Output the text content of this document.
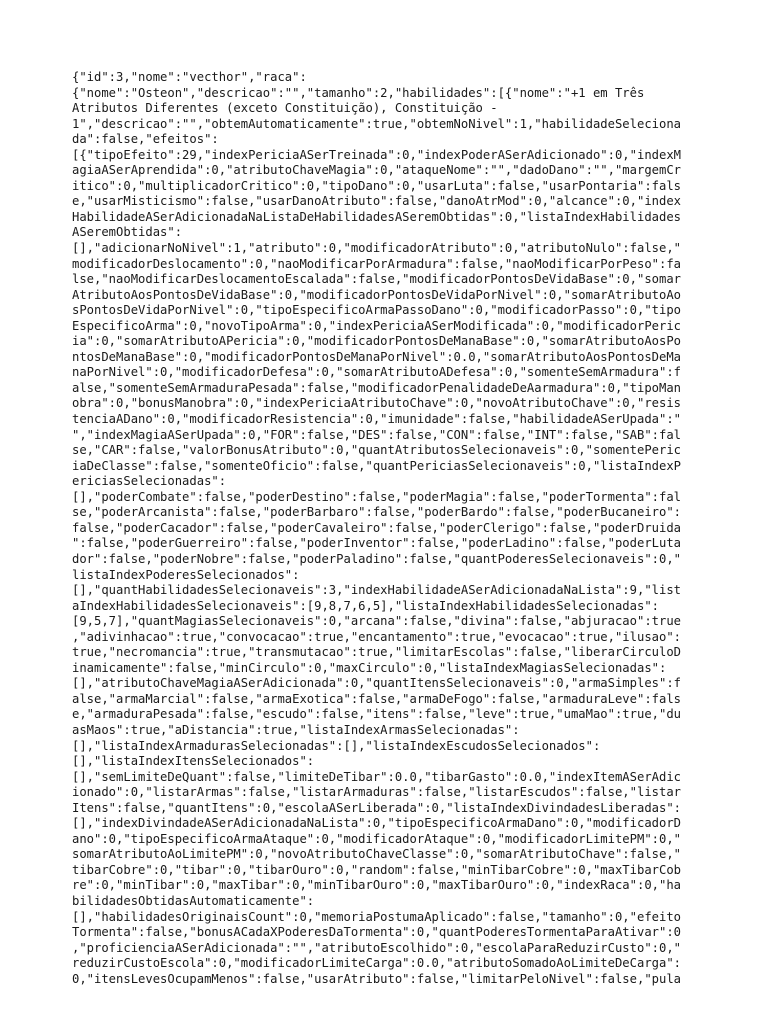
{"id":3,"nome":"vecthor","raca":
{"nome":"Osteon","descricao":"","tamanho":2,"habilidades":[{"nome":"+1 em Três
Atributos Diferentes (exceto Constituição), Constituição -
1","descricao":"","obtemAutomaticamente":true,"obtemNoNivel":1,"habilidadeSeleciona
da":false,"efeitos":
[{"tipoEfeito":29,"indexPericiaASerTreinada":0,"indexPoderASerAdicionado":0,"indexM
agiaASerAprendida":0,"atributoChaveMagia":0,"ataqueNome":"","dadoDano":"","margemCr
itico":0,"multiplicadorCritico":0,"tipoDano":0,"usarLuta":false,"usarPontaria":fals
e,"usarMisticismo":false,"usarDanoAtributo":false,"danoAtrMod":0,"alcance":0,"index
HabilidadeASerAdicionadaNaListaDeHabilidadesASeremObtidas":0,"listaIndexHabilidades
ASeremObtidas":
[],"adicionarNoNivel":1,"atributo":0,"modificadorAtributo":0,"atributoNulo":false,"
modificadorDeslocamento":0,"naoModificarPorArmadura":false,"naoModificarPorPeso":fa
lse,"naoModificarDeslocamentoEscalada":false,"modificadorPontosDeVidaBase":0,"somar
AtributoAosPontosDeVidaBase":0,"modificadorPontosDeVidaPorNivel":0,"somarAtributoAo
sPontosDeVidaPorNivel":0,"tipoEspecificoArmaPassoDano":0,"modificadorPasso":0,"tipo
EspecificoArma":0,"novoTipoArma":0,"indexPericiaASerModificada":0,"modificadorPeric
ia":0,"somarAtributoAPericia":0,"modificadorPontosDeManaBase":0,"somarAtributoAosPo
ntosDeManaBase":0,"modificadorPontosDeManaPorNivel":0.0,"somarAtributoAosPontosDeMa
naPorNivel":0,"modificadorDefesa":0,"somarAtributoADefesa":0,"somenteSemArmadura":f
alse,"somenteSemArmaduraPesada":false,"modificadorPenalidadeDeAarmadura":0,"tipoMan
obra":0,"bonusManobra":0,"indexPericiaAtributoChave":0,"novoAtributoChave":0,"resis
tenciaADano":0,"modificadorResistencia":0,"imunidade":false,"habilidadeASerUpada":"
","indexMagiaASerUpada":0,"FOR":false,"DES":false,"CON":false,"INT":false,"SAB":fal
se,"CAR":false,"valorBonusAtributo":0,"quantAtributosSelecionaveis":0,"somentePeric
iaDeClasse":false,"somenteOficio":false,"quantPericiasSelecionaveis":0,"listaIndexP
ericiasSelecionadas":
[],"poderCombate":false,"poderDestino":false,"poderMagia":false,"poderTormenta":fal
se,"poderArcanista":false,"poderBarbaro":false,"poderBardo":false,"poderBucaneiro":
false,"poderCacador":false,"poderCavaleiro":false,"poderClerigo":false,"poderDruida
":false,"poderGuerreiro":false,"poderInventor":false,"poderLadino":false,"poderLuta
dor":false,"poderNobre":false,"poderPaladino":false,"quantPoderesSelecionaveis":0,"
listaIndexPoderesSelecionados":
[],"quantHabilidadesSelecionaveis":3,"indexHabilidadeASerAdicionadaNaLista":9,"list
aIndexHabilidadesSelecionaveis":[9,8,7,6,5],"listaIndexHabilidadesSelecionadas":
[9,5,7],"quantMagiasSelecionaveis":0,"arcana":false,"divina":false,"abjuracao":true
,"adivinhacao":true,"convocacao":true,"encantamento":true,"evocacao":true,"ilusao":
true,"necromancia":true,"transmutacao":true,"limitarEscolas":false,"liberarCirculoD
inamicamente":false,"minCirculo":0,"maxCirculo":0,"listaIndexMagiasSelecionadas":
[],"atributoChaveMagiaASerAdicionada":0,"quantItensSelecionaveis":0,"armaSimples":f
alse,"armaMarcial":false,"armaExotica":false,"armaDeFogo":false,"armaduraLeve":fals
e,"armaduraPesada":false,"escudo":false,"itens":false,"leve":true,"umaMao":true,"du
asMaos":true,"aDistancia":true,"listaIndexArmasSelecionadas":
[],"listaIndexArmadurasSelecionadas":[],"listaIndexEscudosSelecionados":
[],"listaIndexItensSelecionados":
[],"semLimiteDeQuant":false,"limiteDeTibar":0.0,"tibarGasto":0.0,"indexItemASerAdic
ionado":0,"listarArmas":false,"listarArmaduras":false,"listarEscudos":false,"listar
Itens":false,"quantItens":0,"escolaASerLiberada":0,"listaIndexDivindadesLiberadas":
[],"indexDivindadeASerAdicionadaNaLista":0,"tipoEspecificoArmaDano":0,"modificadorD
ano":0,"tipoEspecificoArmaAtaque":0,"modificadorAtaque":0,"modificadorLimitePM":0,"
somarAtributoAoLimitePM":0,"novoAtributoChaveClasse":0,"somarAtributoChave":false,"
tibarCobre":0,"tibar":0,"tibarOuro":0,"random":false,"minTibarCobre":0,"maxTibarCob
re":0,"minTibar":0,"maxTibar":0,"minTibarOuro":0,"maxTibarOuro":0,"indexRaca":0,"ha
bilidadesObtidasAutomaticamente":
[],"habilidadesOriginaisCount":0,"memoriaPostumaAplicado":false,"tamanho":0,"efeito
Tormenta":false,"bonusACadaXPoderesDaTormenta":0,"quantPoderesTormentaParaAtivar":0
,"proficienciaASerAdicionada":"","atributoEscolhido":0,"escolaParaReduzirCusto":0,"
reduzirCustoEscola":0,"modificadorLimiteCarga":0.0,"atributoSomadoAoLimiteDeCarga":
0,"itensLevesOcupamMenos":false,"usarAtributo":false,"limitarPeloNivel":false,"pula
